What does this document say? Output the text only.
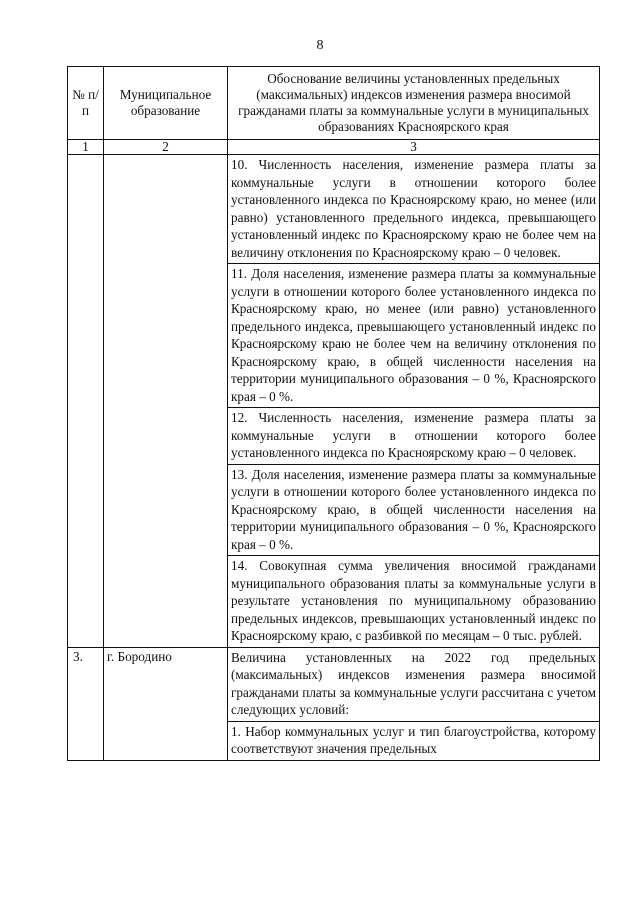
8
№ п/п	Муниципальное образование	Обоснование величины установленных предельных (максимальных) индексов изменения размера вносимой гражданами платы за коммунальные услуги в муниципальных образованиях Красноярского края
1	2	3

		10. Численность населения, изменение размера платы за коммунальные услуги в отношении которого более установленного индекса по Красноярскому краю, но менее (или равно) установленного предельного индекса, превышающего установленный индекс по Красноярскому краю не более чем на величину отклонения по Красноярскому краю – 0 человек.
11. Доля населения, изменение размера платы за коммунальные услуги в отношении которого более установленного индекса по Красноярскому краю, но менее (или равно) установленного предельного индекса, превышающего установленный индекс по Красноярскому краю не более чем на величину отклонения по Красноярскому краю, в общей численности населения на территории муниципального образования – 0 %, Красноярского края – 0 %.
12. Численность населения, изменение размера платы за коммунальные услуги в отношении которого более установленного индекса по Красноярскому краю – 0 человек.
13. Доля населения, изменение размера платы за коммунальные услуги в отношении которого более установленного индекса по Красноярскому краю, в общей численности населения на территории муниципального образования – 0 %, Красноярского края – 0 %.
14. Совокупная сумма увеличения вносимой гражданами муниципального образования платы за коммунальные услуги в результате установления по муниципальному образованию предельных индексов, превышающих установленный индекс по Красноярскому краю, с разбивкой по месяцам – 0 тыс. рублей.

3.	г. Бородино	Величина установленных на 2022 год предельных (максимальных) индексов изменения размера вносимой гражданами платы за коммунальные услуги рассчитана с учетом следующих условий:
1. Набор коммунальных услуг и тип благоустройства, которому соответствуют значения предельных
